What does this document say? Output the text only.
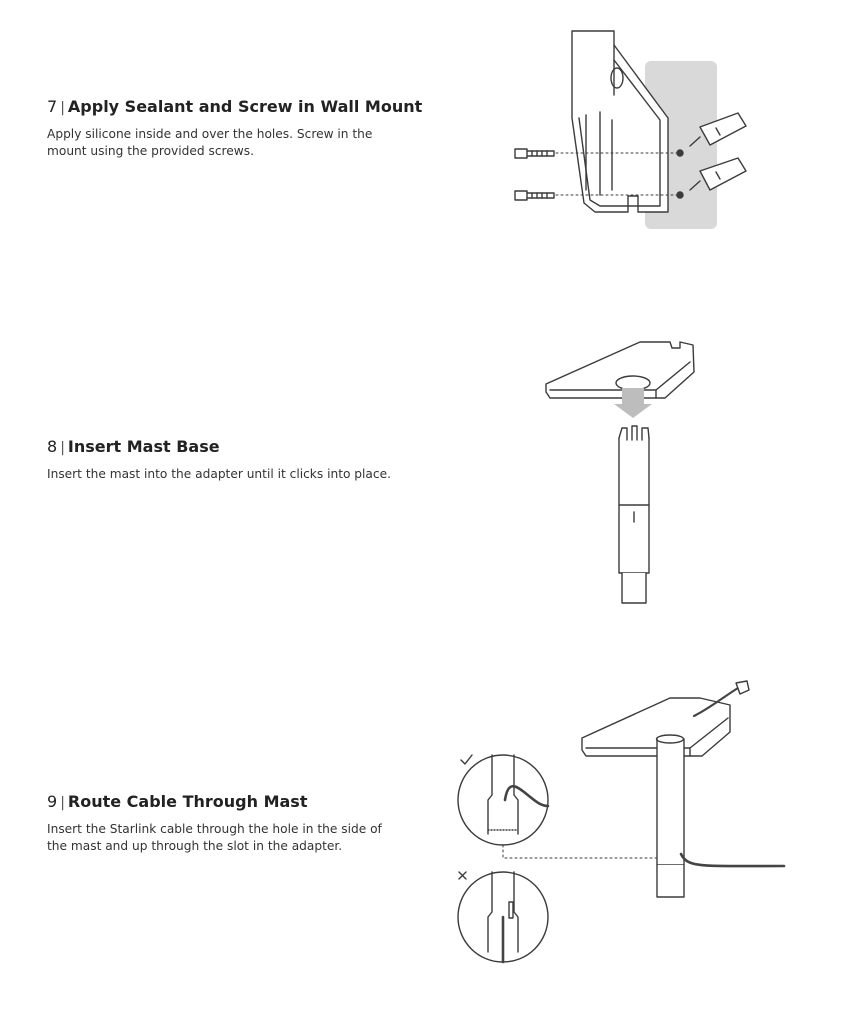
7 | Apply Sealant and Screw in Wall Mount

Apply silicone inside and over the holes. Screw in the mount using the provided screws.

8 | Insert Mast Base

Insert the mast into the adapter until it clicks into place.

9 | Route Cable Through Mast

Insert the Starlink cable through the hole in the side of the mast and up through the slot in the adapter.
